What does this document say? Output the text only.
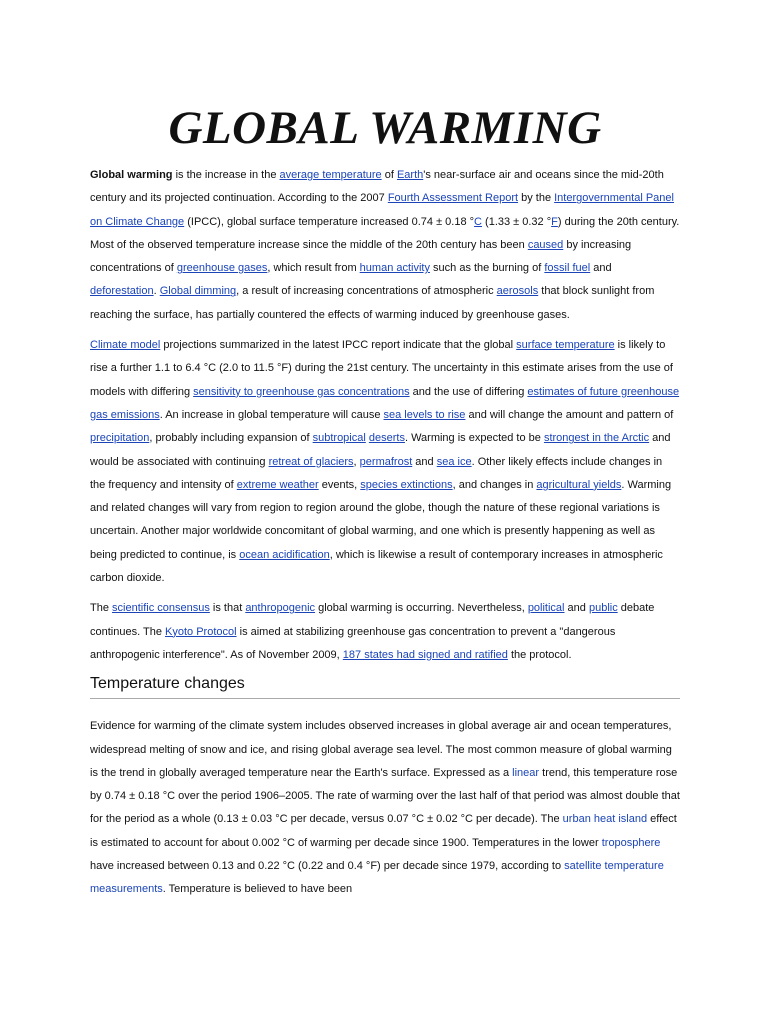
GLOBAL WARMING

Global warming is the increase in the average temperature of Earth's near-surface air and oceans since the mid-20th century and its projected continuation. According to the 2007 Fourth Assessment Report by the Intergovernmental Panel on Climate Change (IPCC), global surface temperature increased 0.74 ± 0.18 °C (1.33 ± 0.32 °F) during the 20th century. Most of the observed temperature increase since the middle of the 20th century has been caused by increasing concentrations of greenhouse gases, which result from human activity such as the burning of fossil fuel and deforestation. Global dimming, a result of increasing concentrations of atmospheric aerosols that block sunlight from reaching the surface, has partially countered the effects of warming induced by greenhouse gases.

Climate model projections summarized in the latest IPCC report indicate that the global surface temperature is likely to rise a further 1.1 to 6.4 °C (2.0 to 11.5 °F) during the 21st century. The uncertainty in this estimate arises from the use of models with differing sensitivity to greenhouse gas concentrations and the use of differing estimates of future greenhouse gas emissions. An increase in global temperature will cause sea levels to rise and will change the amount and pattern of precipitation, probably including expansion of subtropical deserts. Warming is expected to be strongest in the Arctic and would be associated with continuing retreat of glaciers, permafrost and sea ice. Other likely effects include changes in the frequency and intensity of extreme weather events, species extinctions, and changes in agricultural yields. Warming and related changes will vary from region to region around the globe, though the nature of these regional variations is uncertain. Another major worldwide concomitant of global warming, and one which is presently happening as well as being predicted to continue, is ocean acidification, which is likewise a result of contemporary increases in atmospheric carbon dioxide.

The scientific consensus is that anthropogenic global warming is occurring. Nevertheless, political and public debate continues. The Kyoto Protocol is aimed at stabilizing greenhouse gas concentration to prevent a "dangerous anthropogenic interference". As of November 2009, 187 states had signed and ratified the protocol.

Temperature changes

Evidence for warming of the climate system includes observed increases in global average air and ocean temperatures, widespread melting of snow and ice, and rising global average sea level. The most common measure of global warming is the trend in globally averaged temperature near the Earth's surface. Expressed as a linear trend, this temperature rose by 0.74 ± 0.18 °C over the period 1906–2005. The rate of warming over the last half of that period was almost double that for the period as a whole (0.13 ± 0.03 °C per decade, versus 0.07 °C ± 0.02 °C per decade). The urban heat island effect is estimated to account for about 0.002 °C of warming per decade since 1900. Temperatures in the lower troposphere have increased between 0.13 and 0.22 °C (0.22 and 0.4 °F) per decade since 1979, according to satellite temperature measurements. Temperature is believed to have been
